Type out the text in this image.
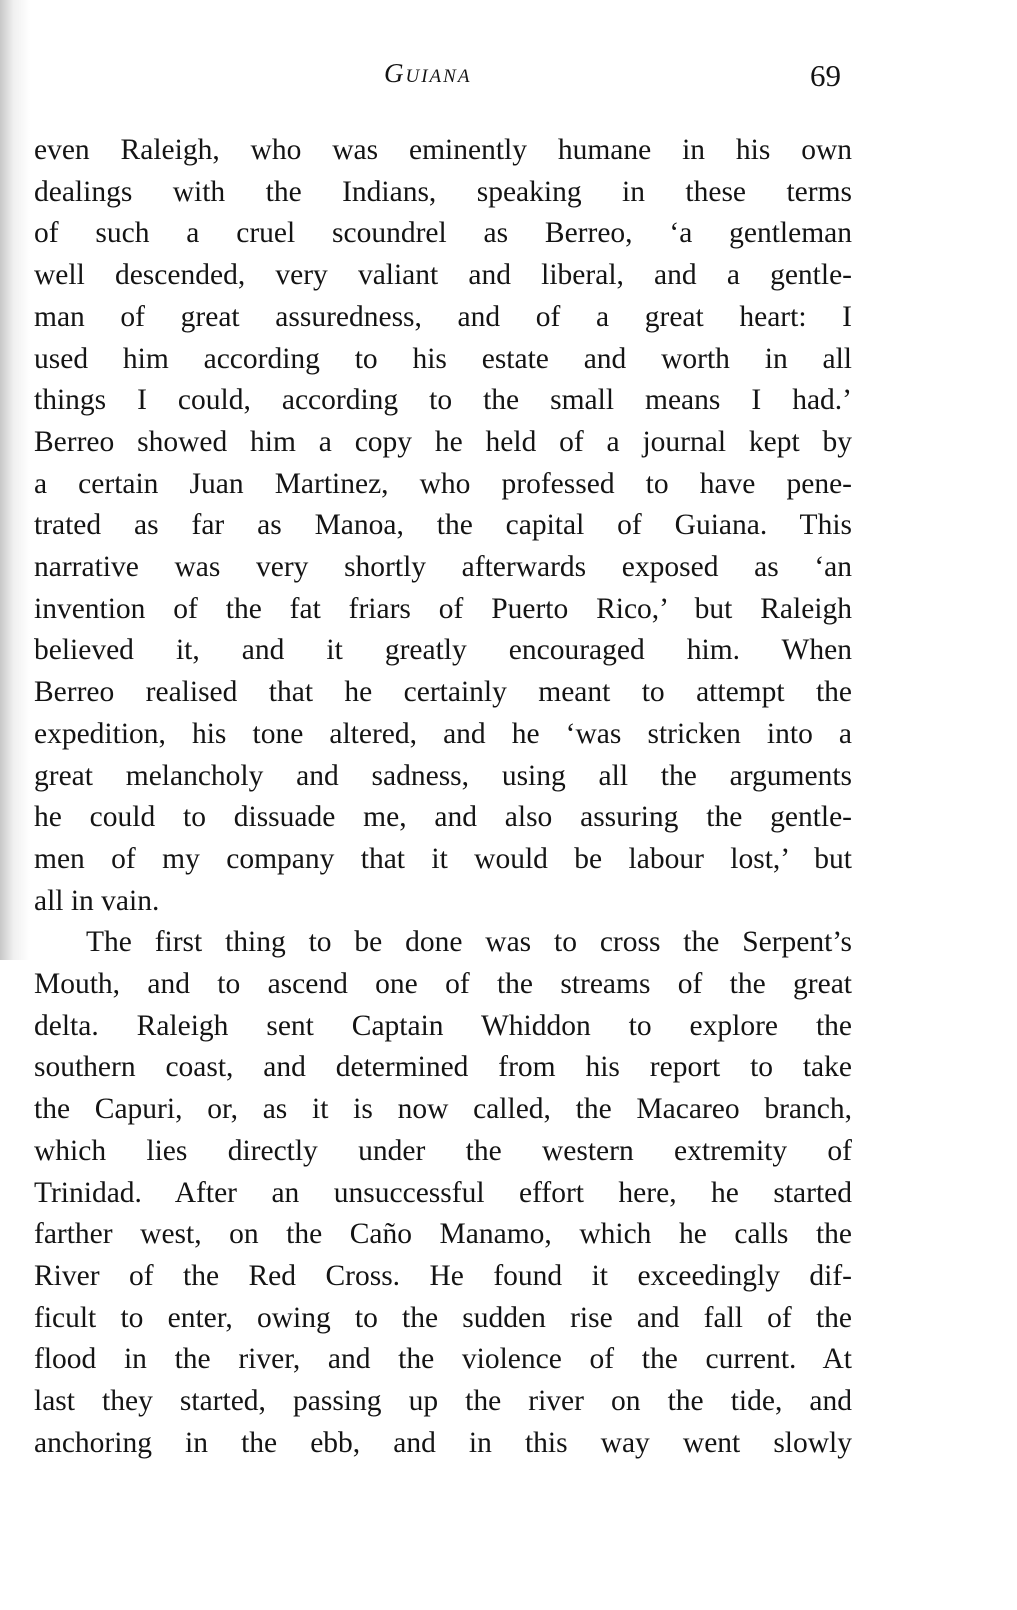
Guiana	69

even Raleigh, who was eminently humane in his own
dealings with the Indians, speaking in these terms
of such a cruel scoundrel as Berreo, ‘a gentleman
well descended, very valiant and liberal, and a gentle-
man of great assuredness, and of a great heart: I
used him according to his estate and worth in all
things I could, according to the small means I had.’
Berreo showed him a copy he held of a journal kept by
a certain Juan Martinez, who professed to have pene-
trated as far as Manoa, the capital of Guiana. This
narrative was very shortly afterwards exposed as ‘an
invention of the fat friars of Puerto Rico,’ but Raleigh
believed it, and it greatly encouraged him. When
Berreo realised that he certainly meant to attempt the
expedition, his tone altered, and he ‘was stricken into a
great melancholy and sadness, using all the arguments
he could to dissuade me, and also assuring the gentle-
men of my company that it would be labour lost,’ but
all in vain.

The first thing to be done was to cross the Serpent’s
Mouth, and to ascend one of the streams of the great
delta. Raleigh sent Captain Whiddon to explore the
southern coast, and determined from his report to take
the Capuri, or, as it is now called, the Macareo branch,
which lies directly under the western extremity of
Trinidad. After an unsuccessful effort here, he started
farther west, on the Caño Manamo, which he calls the
River of the Red Cross. He found it exceedingly dif-
ficult to enter, owing to the sudden rise and fall of the
flood in the river, and the violence of the current. At
last they started, passing up the river on the tide, and
anchoring in the ebb, and in this way went slowly
